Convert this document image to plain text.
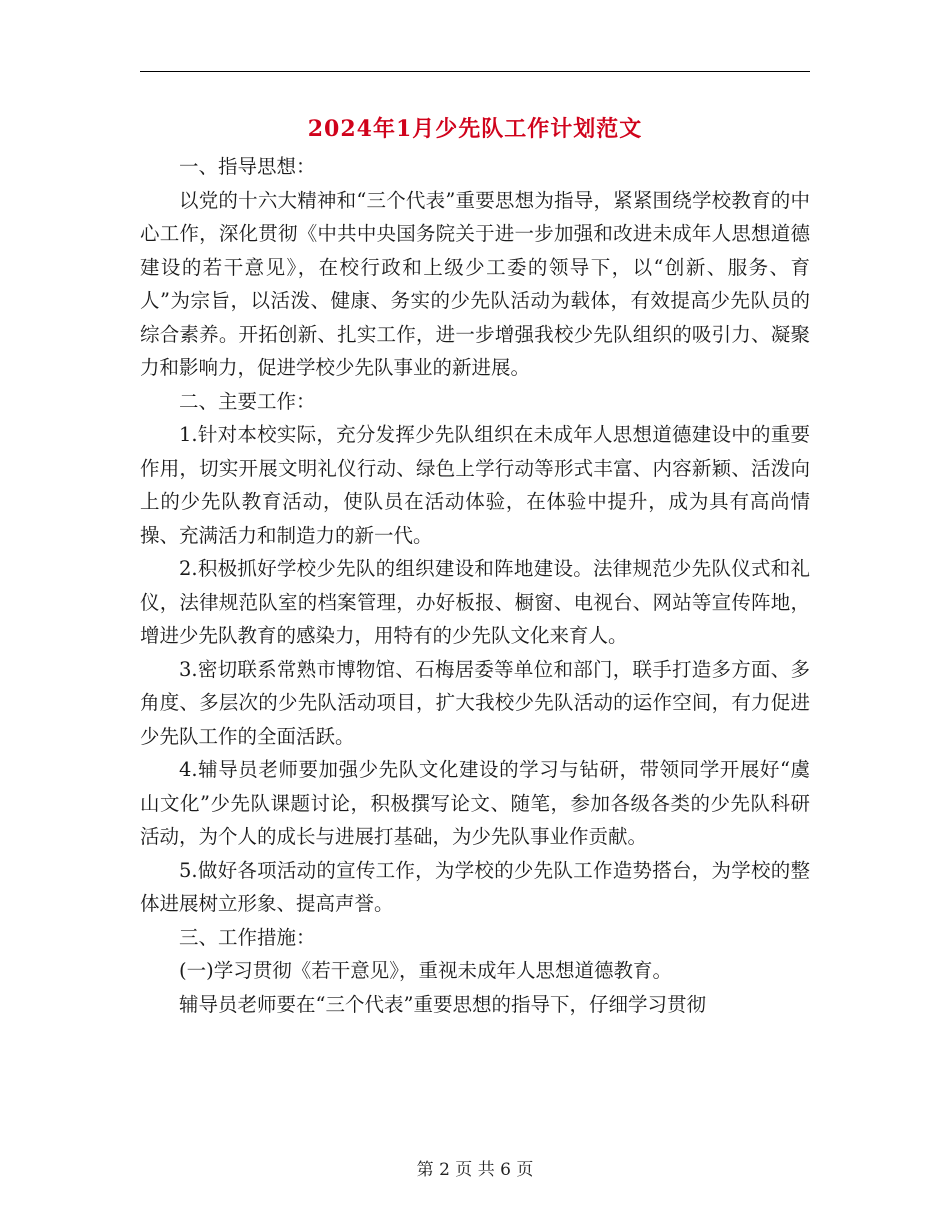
2024年1月少先队工作计划范文

一、指导思想：

以党的十六大精神和“三个代表”重要思想为指导，紧紧围绕学校教育的中心工作，深化贯彻《中共中央国务院关于进一步加强和改进未成年人思想道德建设的若干意见》，在校行政和上级少工委的领导下，以“创新、服务、育人”为宗旨，以活泼、健康、务实的少先队活动为载体，有效提高少先队员的综合素养。开拓创新、扎实工作，进一步增强我校少先队组织的吸引力、凝聚力和影响力，促进学校少先队事业的新进展。

二、主要工作：

1.针对本校实际，充分发挥少先队组织在未成年人思想道德建设中的重要作用，切实开展文明礼仪行动、绿色上学行动等形式丰富、内容新颖、活泼向上的少先队教育活动，使队员在活动体验，在体验中提升，成为具有高尚情操、充满活力和制造力的新一代。

2.积极抓好学校少先队的组织建设和阵地建设。法律规范少先队仪式和礼仪，法律规范队室的档案管理，办好板报、橱窗、电视台、网站等宣传阵地，增进少先队教育的感染力，用特有的少先队文化来育人。

3.密切联系常熟市博物馆、石梅居委等单位和部门，联手打造多方面、多角度、多层次的少先队活动项目，扩大我校少先队活动的运作空间，有力促进少先队工作的全面活跃。

4.辅导员老师要加强少先队文化建设的学习与钻研，带领同学开展好“虞山文化”少先队课题讨论，积极撰写论文、随笔，参加各级各类的少先队科研活动，为个人的成长与进展打基础，为少先队事业作贡献。

5.做好各项活动的宣传工作，为学校的少先队工作造势搭台，为学校的整体进展树立形象、提高声誉。

三、工作措施：

(一)学习贯彻《若干意见》，重视未成年人思想道德教育。

辅导员老师要在“三个代表”重要思想的指导下，仔细学习贯彻

第 2 页 共 6 页
